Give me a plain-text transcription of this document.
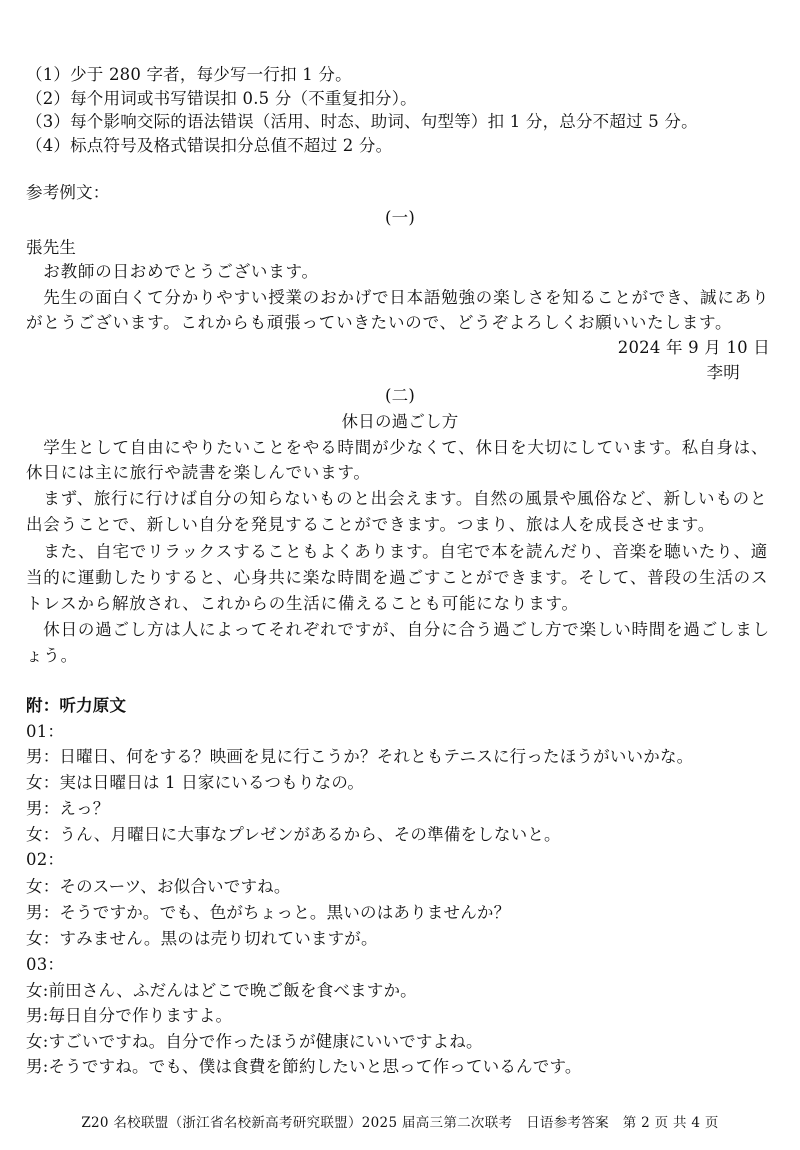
（1）少于 280 字者，每少写一行扣 1 分。
（2）每个用词或书写错误扣 0.5 分（不重复扣分）。
（3）每个影响交际的语法错误（活用、时态、助词、句型等）扣 1 分，总分不超过 5 分。
（4）标点符号及格式错误扣分总值不超过 2 分。
参考例文：
(一)
張先生
　お教師の日おめでとうございます。
　先生の面白くて分かりやすい授業のおかげで日本語勉強の楽しさを知ることができ、誠にあり
がとうございます。これからも頑張っていきたいので、どうぞよろしくお願いいたします。
2024 年 9 月 10 日
李明
(二)
休日の過ごし方
　学生として自由にやりたいことをやる時間が少なくて、休日を大切にしています。私自身は、
休日には主に旅行や読書を楽しんでいます。
　まず、旅行に行けば自分の知らないものと出会えます。自然の風景や風俗など、新しいものと
出会うことで、新しい自分を発見することができます。つまり、旅は人を成長させます。
　また、自宅でリラックスすることもよくあります。自宅で本を読んだり、音楽を聴いたり、適
当的に運動したりすると、心身共に楽な時間を過ごすことができます。そして、普段の生活のス
トレスから解放され、これからの生活に備えることも可能になります。
　休日の過ごし方は人によってそれぞれですが、自分に合う過ごし方で楽しい時間を過ごしまし
ょう。
附：听力原文
01：
男：日曜日、何をする？映画を見に行こうか？それともテニスに行ったほうがいいかな。
女：実は日曜日は 1 日家にいるつもりなの。
男：えっ？
女：うん、月曜日に大事なプレゼンがあるから、その準備をしないと。
02：
女：そのスーツ、お似合いですね。
男：そうですか。でも、色がちょっと。黒いのはありませんか？
女：すみません。黒のは売り切れていますが。
03：
女:前田さん、ふだんはどこで晩ご飯を食べますか。
男:毎日自分で作りますよ。
女:すごいですね。自分で作ったほうが健康にいいですよね。
男:そうですね。でも、僕は食費を節約したいと思って作っているんです。
Z20 名校联盟（浙江省名校新高考研究联盟）2025 届高三第二次联考　日语参考答案　第 2 页 共 4 页
